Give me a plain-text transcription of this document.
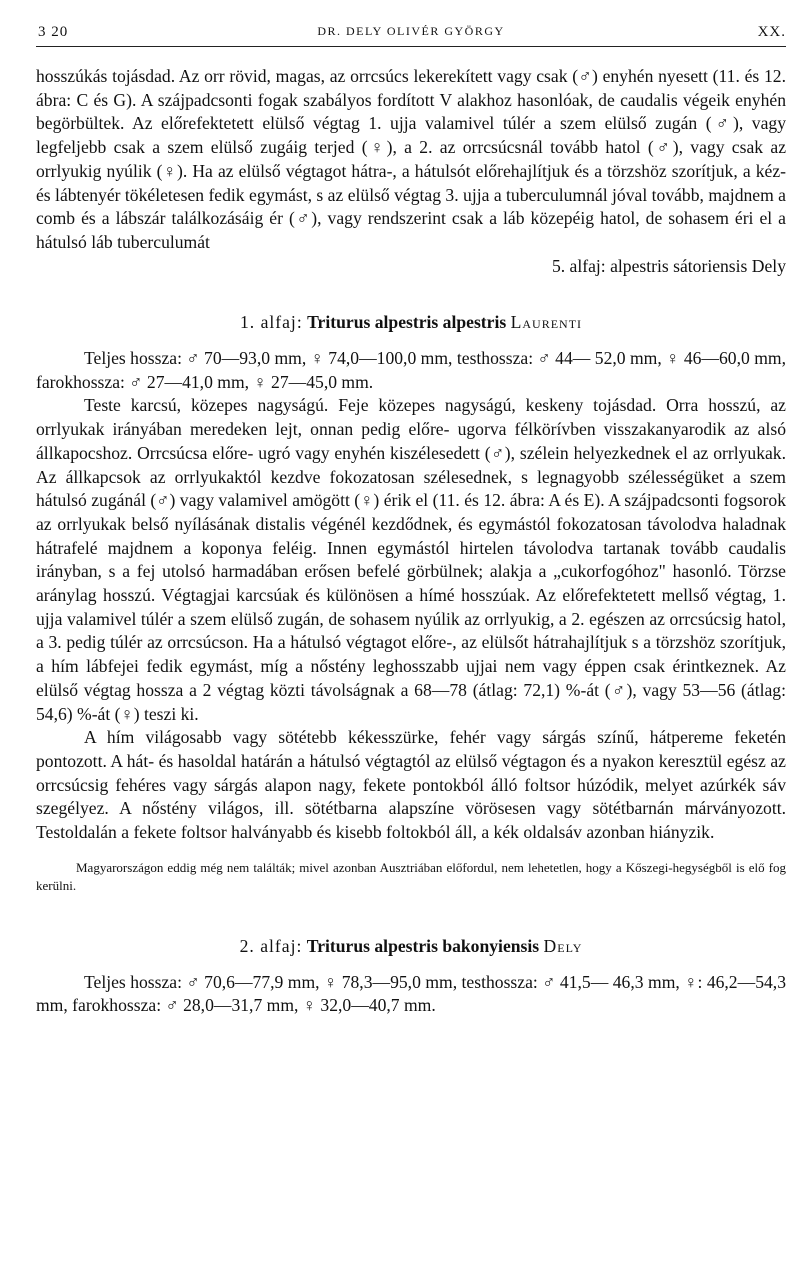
3 20	DR. DELY OLIVÉR GYÖRGY	XX.

hosszúkás tojásdad. Az orr rövid, magas, az orrcsúcs lekerekített vagy csak (♂) enyhén nyesett (11. és 12. ábra: C és G). A szájpadcsonti fogak szabályos fordított V alakhoz hasonlóak, de caudalis végeik enyhén begörbültek. Az előrefektetett elülső végtag 1. ujja valamivel túlér a szem elülső zugán (♂), vagy legfeljebb csak a szem elülső zugáig terjed (♀), a 2. az orrcsúcsnál tovább hatol (♂), vagy csak az orrlyukig nyúlik (♀). Ha az elülső végtagot hátra-, a hátulsót előrehajlítjuk és a törzshöz szorítjuk, a kéz- és lábtenyér tökéletesen fedik egymást, s az elülső végtag 3. ujja a tuberculumnál jóval tovább, majdnem a comb és a lábszár találkozásáig ér (♂), vagy rendszerint csak a láb közepéig hatol, de sohasem éri el a hátulsó láb tuberculumát

5. alfaj: alpestris sátoriensis Dely

1. alfaj: Triturus alpestris alpestris Laurenti

Teljes hossza: ♂ 70—93,0 mm, ♀ 74,0—100,0 mm, testhossza: ♂ 44— 52,0 mm, ♀ 46—60,0 mm, farokhossza: ♂ 27—41,0 mm, ♀ 27—45,0 mm.

Teste karcsú, közepes nagyságú. Feje közepes nagyságú, keskeny tojásdad. Orra hosszú, az orrlyukak irányában meredeken lejt, onnan pedig előre- ugorva félkörívben visszakanyarodik az alsó állkapocshoz. Orrcsúcsa előre- ugró vagy enyhén kiszélesedett (♂), szélein helyezkednek el az orrlyukak. Az állkapcsok az orrlyukaktól kezdve fokozatosan szélesednek, s legnagyobb szélességüket a szem hátulsó zugánál (♂) vagy valamivel amögött (♀) érik el (11. és 12. ábra: A és E). A szájpadcsonti fogsorok az orrlyukak belső nyílásának distalis végénél kezdődnek, és egymástól fokozatosan távolodva haladnak hátrafelé majdnem a koponya feléig. Innen egymástól hirtelen távolodva tartanak tovább caudalis irányban, s a fej utolsó harmadában erősen befelé görbülnek; alakja a „cukorfogóhoz" hasonló. Törzse aránylag hosszú. Végtagjai karcsúak és különösen a hímé hosszúak. Az előrefektetett mellső végtag, 1. ujja valamivel túlér a szem elülső zugán, de sohasem nyúlik az orrlyukig, a 2. egészen az orrcsúcsig hatol, a 3. pedig túlér az orrcsúcson. Ha a hátulsó végtagot előre-, az elülsőt hátrahajlítjuk s a törzshöz szorítjuk, a hím lábfejei fedik egymást, míg a nőstény leghosszabb ujjai nem vagy éppen csak érintkeznek. Az elülső végtag hossza a 2 végtag közti távolságnak a 68—78 (átlag: 72,1) %-át (♂), vagy 53—56 (átlag: 54,6) %-át (♀) teszi ki.

A hím világosabb vagy sötétebb kékesszürke, fehér vagy sárgás színű, hátpereme feketén pontozott. A hát- és hasoldal határán a hátulsó végtagtól az elülső végtagon és a nyakon keresztül egész az orrcsúcsig fehéres vagy sárgás alapon nagy, fekete pontokból álló foltsor húzódik, melyet azúrkék sáv szegélyez. A nőstény világos, ill. sötétbarna alapszíne vörösesen vagy sötétbarnán márványozott. Testoldalán a fekete foltsor halványabb és kisebb foltokból áll, a kék oldalsáv azonban hiányzik.

Magyarországon eddig még nem találták; mivel azonban Ausztriában előfordul, nem lehetetlen, hogy a Kőszegi-hegységből is elő fog kerülni.

2. alfaj: Triturus alpestris bakonyiensis Dely

Teljes hossza: ♂ 70,6—77,9 mm, ♀ 78,3—95,0 mm, testhossza: ♂ 41,5— 46,3 mm, ♀: 46,2—54,3 mm, farokhossza: ♂ 28,0—31,7 mm, ♀ 32,0—40,7 mm.
